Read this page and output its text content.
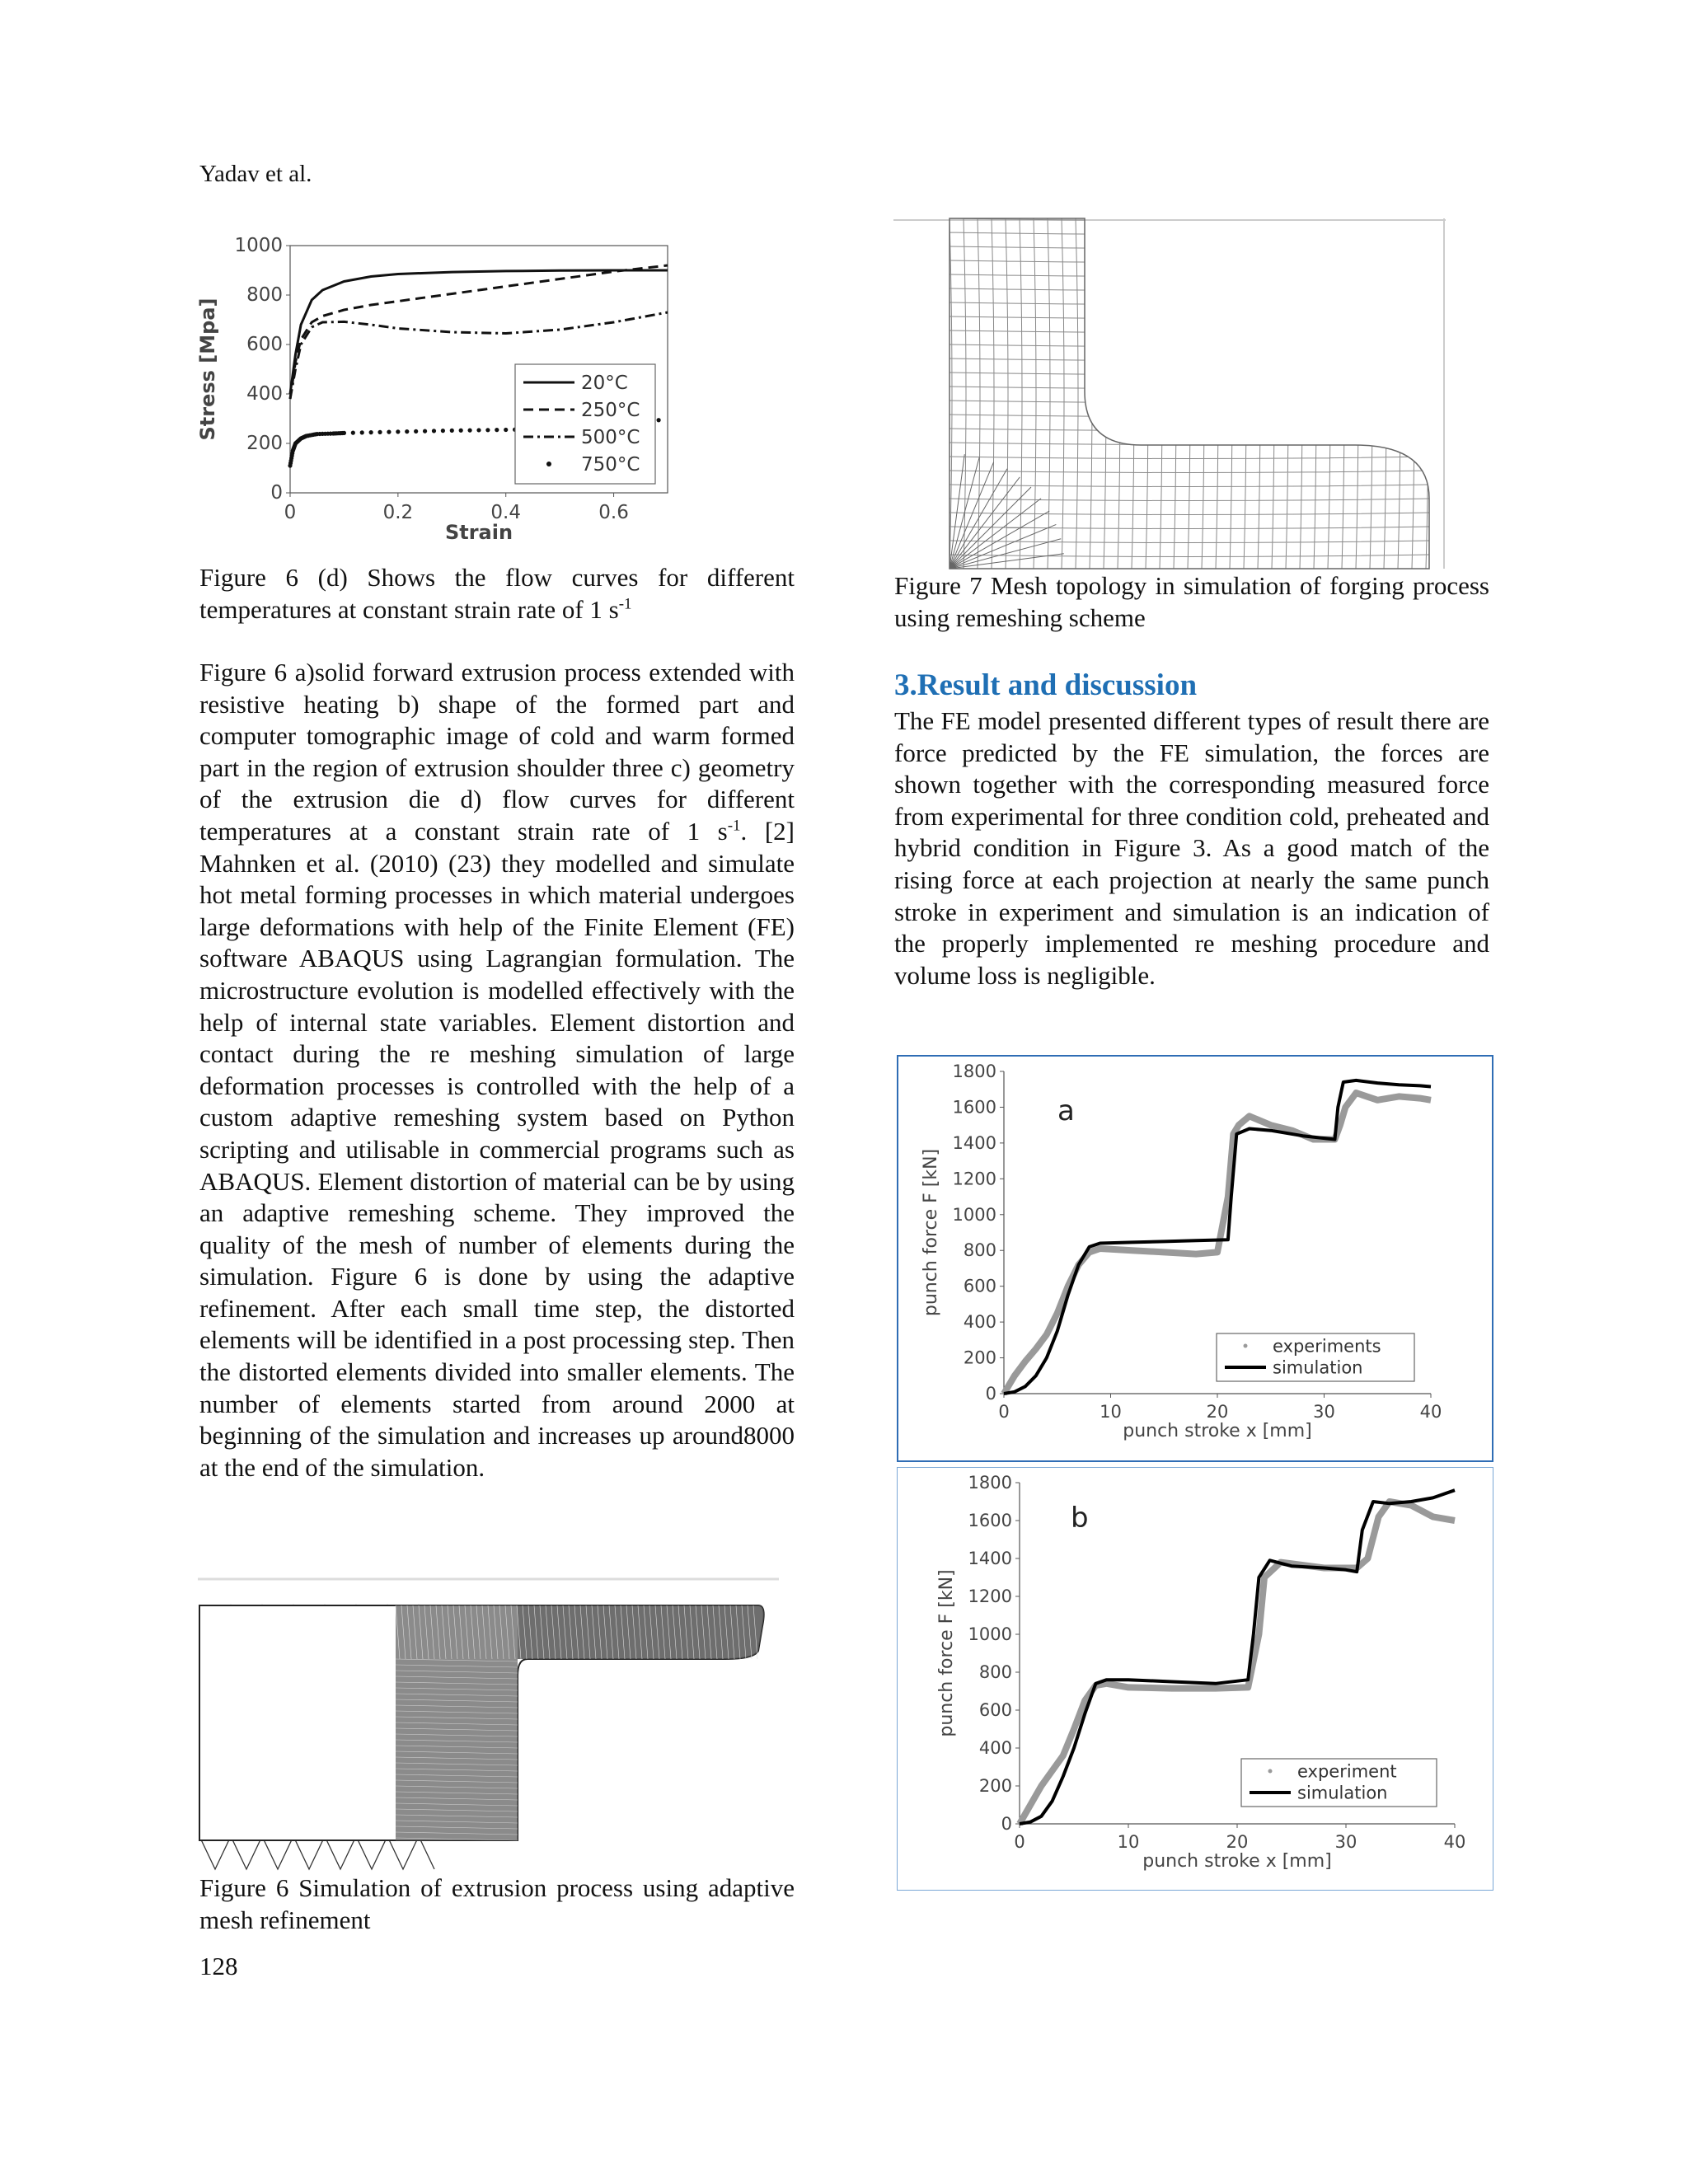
Yadav et al.
0
200
400
600
800
1000
0	0.2	0.4	0.6
Strain
Stress [Mpa]	20°C
250°C
500°C
750°C
Figure 6 (d) Shows the flow curves for different temperatures at constant strain rate of 1 $s^{-1}$
Figure 6 a)solid forward extrusion process extended with resistive heating b) shape of the formed part and computer tomographic image of cold and warm formed part in the region of extrusion shoulder three c) geometry of the extrusion die d) flow curves for different temperatures at a constant strain rate of 1 $s^{-1}$. [2] Mahnken et al. (2010) (23) they modelled and simulate hot metal forming processes in which material undergoes large deformations with help of the Finite Element (FE) software ABAQUS using Lagrangian formulation. The microstructure evolution is modelled effectively with the help of internal state variables. Element distortion and contact during the re meshing simulation of large deformation processes is controlled with the help of a custom adaptive remeshing system based on Python scripting and utilisable in commercial programs such as ABAQUS. Element distortion of material can be by using an adaptive remeshing scheme. They improved the quality of the mesh of number of elements during the simulation. Figure 6 is done by using the adaptive refinement. After each small time step, the distorted elements will be identified in a post processing step. Then the distorted elements divided into smaller elements. The number of elements started from around 2000 at beginning of the simulation and increases up around8000 at the end of the simulation.
Figure 6 Simulation of extrusion process using adaptive mesh refinement
128
Figure 7 Mesh topology in simulation of forging process using remeshing scheme
3.Result and discussion
The FE model presented different types of result there are force predicted by the FE simulation, the forces are shown together with the corresponding measured force from experimental for three condition cold, preheated and hybrid condition in Figure 3. As a good match of the rising force at each projection at nearly the same punch stroke in experiment and simulation is an indication of the properly implemented re meshing procedure and volume loss is negligible.
0
200
400
600
800
1000
1200
1400
1600
1800
0	10	20	30	40
punch stroke x [mm]
punch force F [kN]
experiments
simulation
a
0
200
400
600
800
1000
1200
1400
1600
1800
0	10	20	30	40
punch stroke x [mm]
punch force F [kN]
experiment
simulation
b
